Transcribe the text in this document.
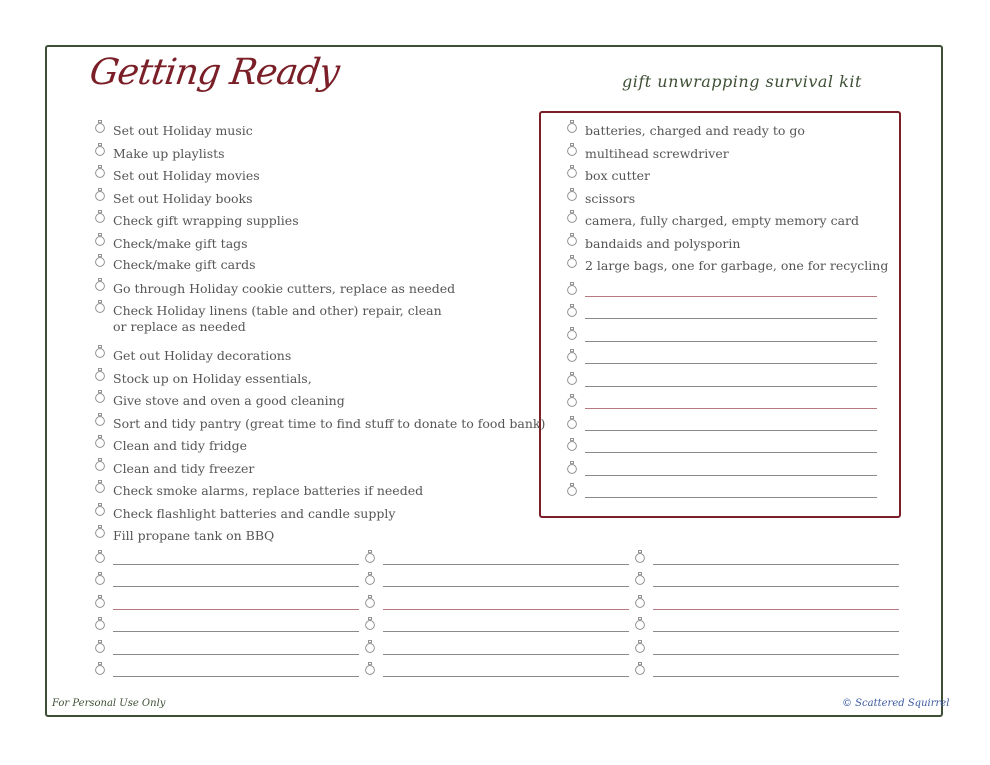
Getting Ready	gift unwrapping survival kit
Set out Holiday music
Make up playlists
Set out Holiday movies
Set out Holiday books
Check gift wrapping supplies
Check/make gift tags
Check/make gift cards
Go through Holiday cookie cutters, replace as needed
Check Holiday linens (table and other) repair, clean or replace as needed
Get out Holiday decorations
Stock up on Holiday essentials,
Give stove and oven a good cleaning
Sort and tidy pantry (great time to find stuff to donate to food bank)
Clean and tidy fridge
Clean and tidy freezer
Check smoke alarms, replace batteries if needed
Check flashlight batteries and candle supply
Fill propane tank on BBQ
batteries, charged and ready to go
multihead screwdriver
box cutter
scissors
camera, fully charged, empty memory card
bandaids and polysporin
2 large bags, one for garbage, one for recycling
For Personal Use Only	© Scattered Squirrel
